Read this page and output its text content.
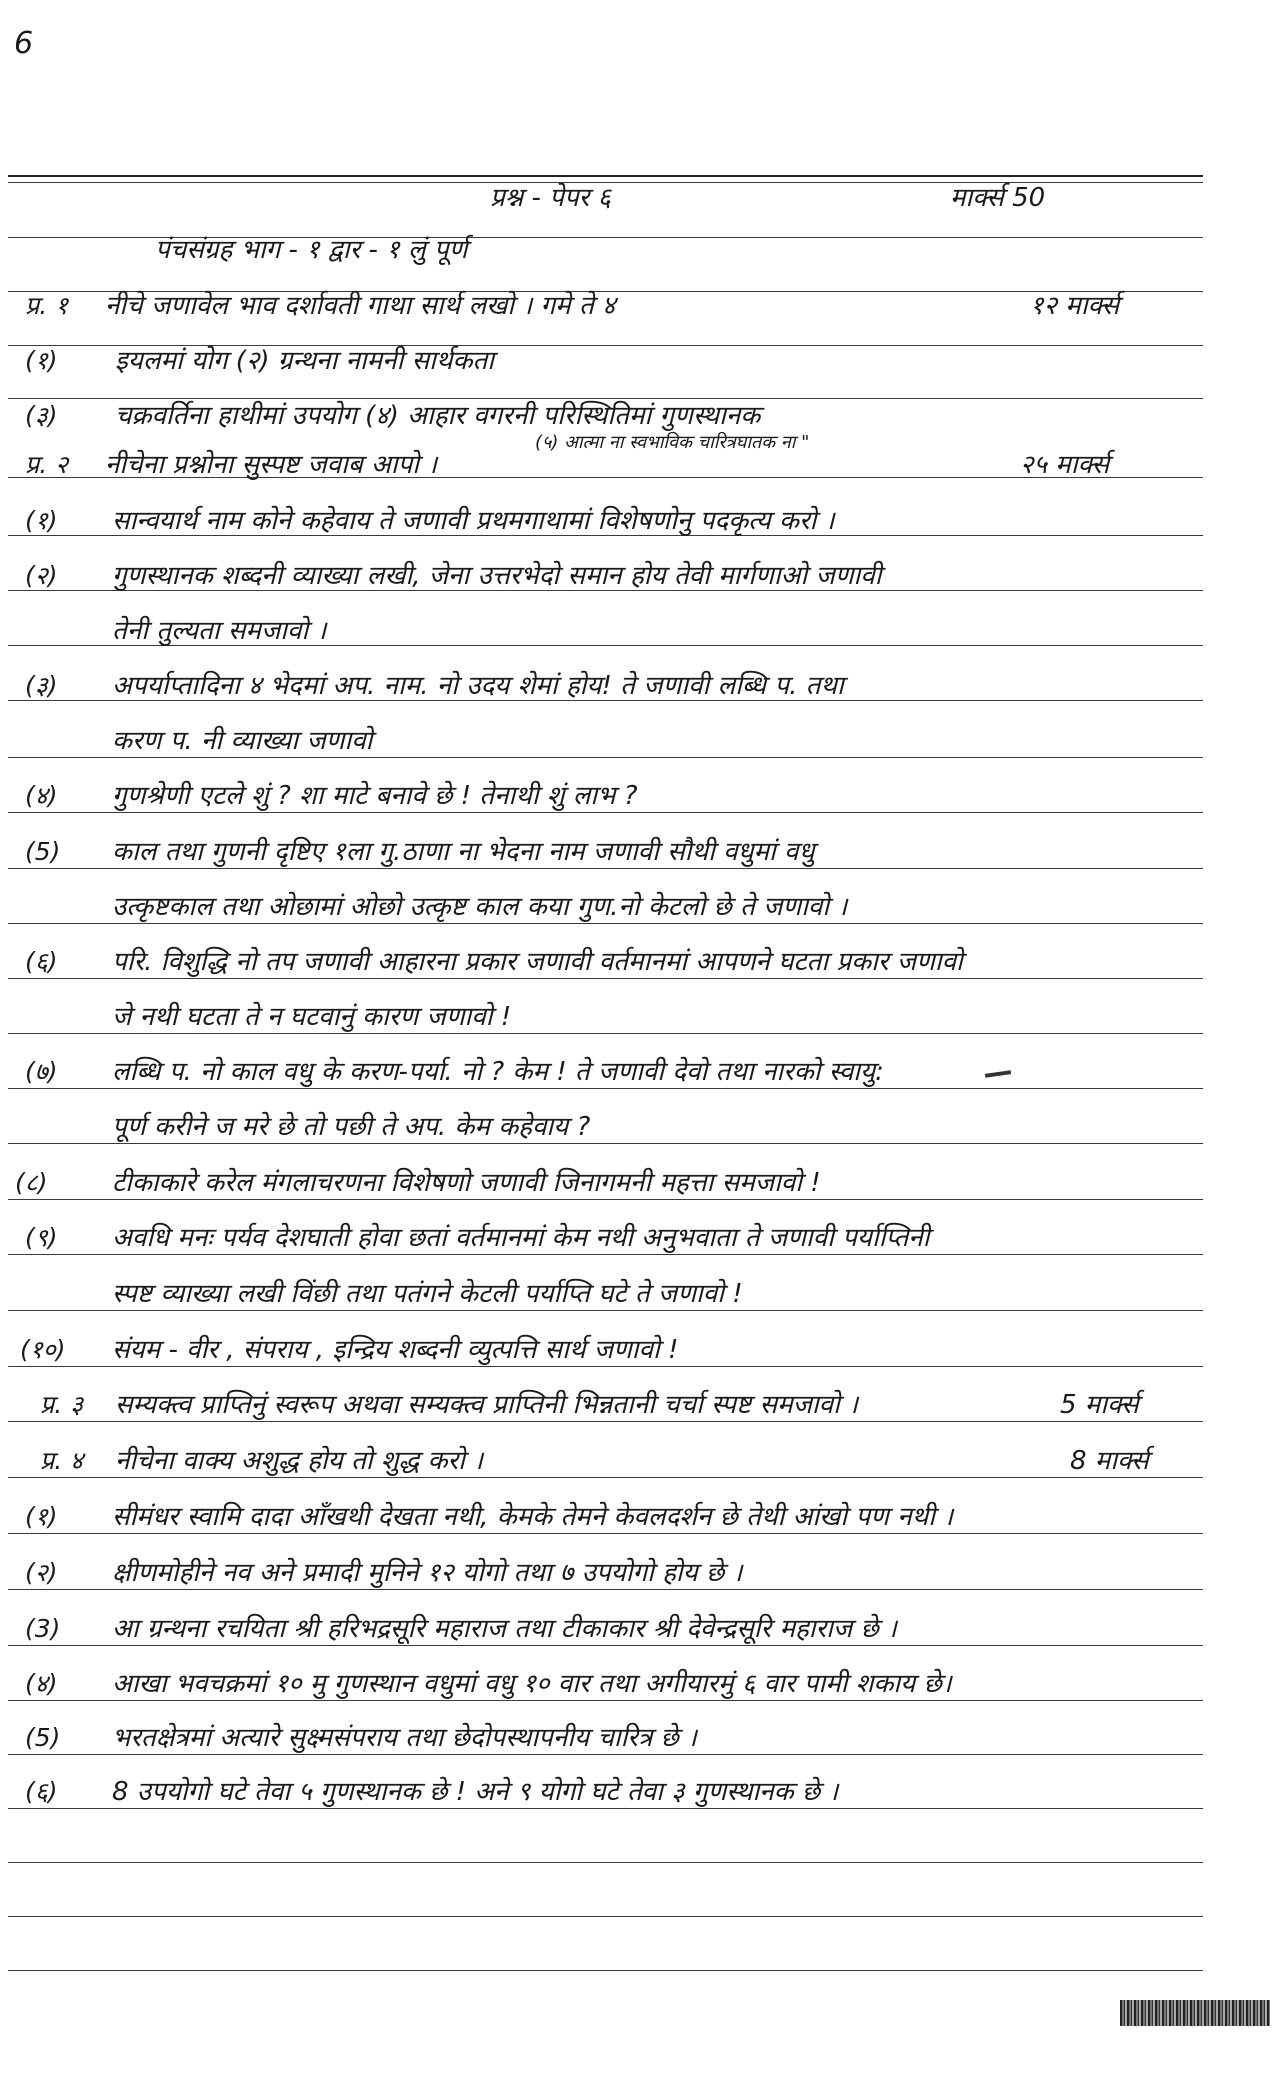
6
प्रश्न - पेपर ६	मार्क्स 50
पंचसंग्रह भाग - १ द्वार - १ लुं पूर्ण
प्र. १ नीचे जणावेल भाव दर्शावती गाथा सार्थ लखो । गमे ते ४	१२ मार्क्स
(१) इयलमां योग (२) ग्रन्थना नामनी सार्थकता
(३) चक्रवर्तिना हाथीमां उपयोग (४) आहार वगरनी परिस्थितिमां गुणस्थानक
(५) आत्मा ना स्वभाविक चारित्रघातक ना "
प्र. २ नीचेना प्रश्नोना सुस्पष्ट जवाब आपो ।	२५ मार्क्स
(१) सान्वयार्थ नाम कोने कहेवाय ते जणावी प्रथमगाथामां विशेषणोनु पदकृत्य करो ।
(२) गुणस्थानक शब्दनी व्याख्या लखी, जेना उत्तरभेदो समान होय तेवी मार्गणाओ जणावी
तेनी तुल्यता समजावो ।
(३) अपर्याप्तादिना ४ भेदमां अप. नाम. नो उदय शेमां होय! ते जणावी लब्धि प. तथा
करण प. नी व्याख्या जणावो
(४) गुणश्रेणी एटले शुं ? शा माटे बनावे छे ! तेनाथी शुं लाभ ?
(5) काल तथा गुणनी दृष्टिए १ला गु.ठाणा ना भेदना नाम जणावी सौथी वधुमां वधु
उत्कृष्टकाल तथा ओछामां ओछो उत्कृष्ट काल कया गुण.नो केटलो छे ते जणावो ।
(६) परि. विशुद्धि नो तप जणावी आहारना प्रकार जणावी वर्तमानमां आपणने घटता प्रकार जणावो
जे नथी घटता ते न घटवानुं कारण जणावो !
(७) लब्धि प. नो काल वधु के करण-पर्या. नो ? केम ! ते जणावी देवो तथा नारको स्वायु:
पूर्ण करीने ज मरे छे तो पछी ते अप. केम कहेवाय ?
(८) टीकाकारे करेल मंगलाचरणना विशेषणो जणावी जिनागमनी महत्ता समजावो !
(९) अवधि मनः पर्यव देशघाती होवा छतां वर्तमानमां केम नथी अनुभवाता ते जणावी पर्याप्तिनी
स्पष्ट व्याख्या लखी विंछी तथा पतंगने केटली पर्याप्ति घटे ते जणावो !
(१०) संयम - वीर , संपराय , इन्द्रिय शब्दनी व्युत्पत्ति सार्थ जणावो !
प्र. ३ सम्यक्त्व प्राप्तिनुं स्वरूप अथवा सम्यक्त्व प्राप्तिनी भिन्नतानी चर्चा स्पष्ट समजावो ।	5 मार्क्स
प्र. ४ नीचेना वाक्य अशुद्ध होय तो शुद्ध करो ।	8 मार्क्स
(१) सीमंधर स्वामि दादा आँखथी देखता नथी, केमके तेमने केवलदर्शन छे तेथी आंखो पण नथी ।
(२) क्षीणमोहीने नव अने प्रमादी मुनिने १२ योगो तथा ७ उपयोगो होय छे ।
(3) आ ग्रन्थना रचयिता श्री हरिभद्रसूरि महाराज तथा टीकाकार श्री देवेन्द्रसूरि महाराज छे ।
(४) आखा भवचक्रमां १० मु गुणस्थान वधुमां वधु १० वार तथा अगीयारमुं ६ वार पामी शकाय छे।
(5) भरतक्षेत्रमां अत्यारे सुक्ष्मसंपराय तथा छेदोपस्थापनीय चारित्र छे ।
(६) 8 उपयोगो घटे तेवा ५ गुणस्थानक छे ! अने ९ योगो घटे तेवा ३ गुणस्थानक छे ।
